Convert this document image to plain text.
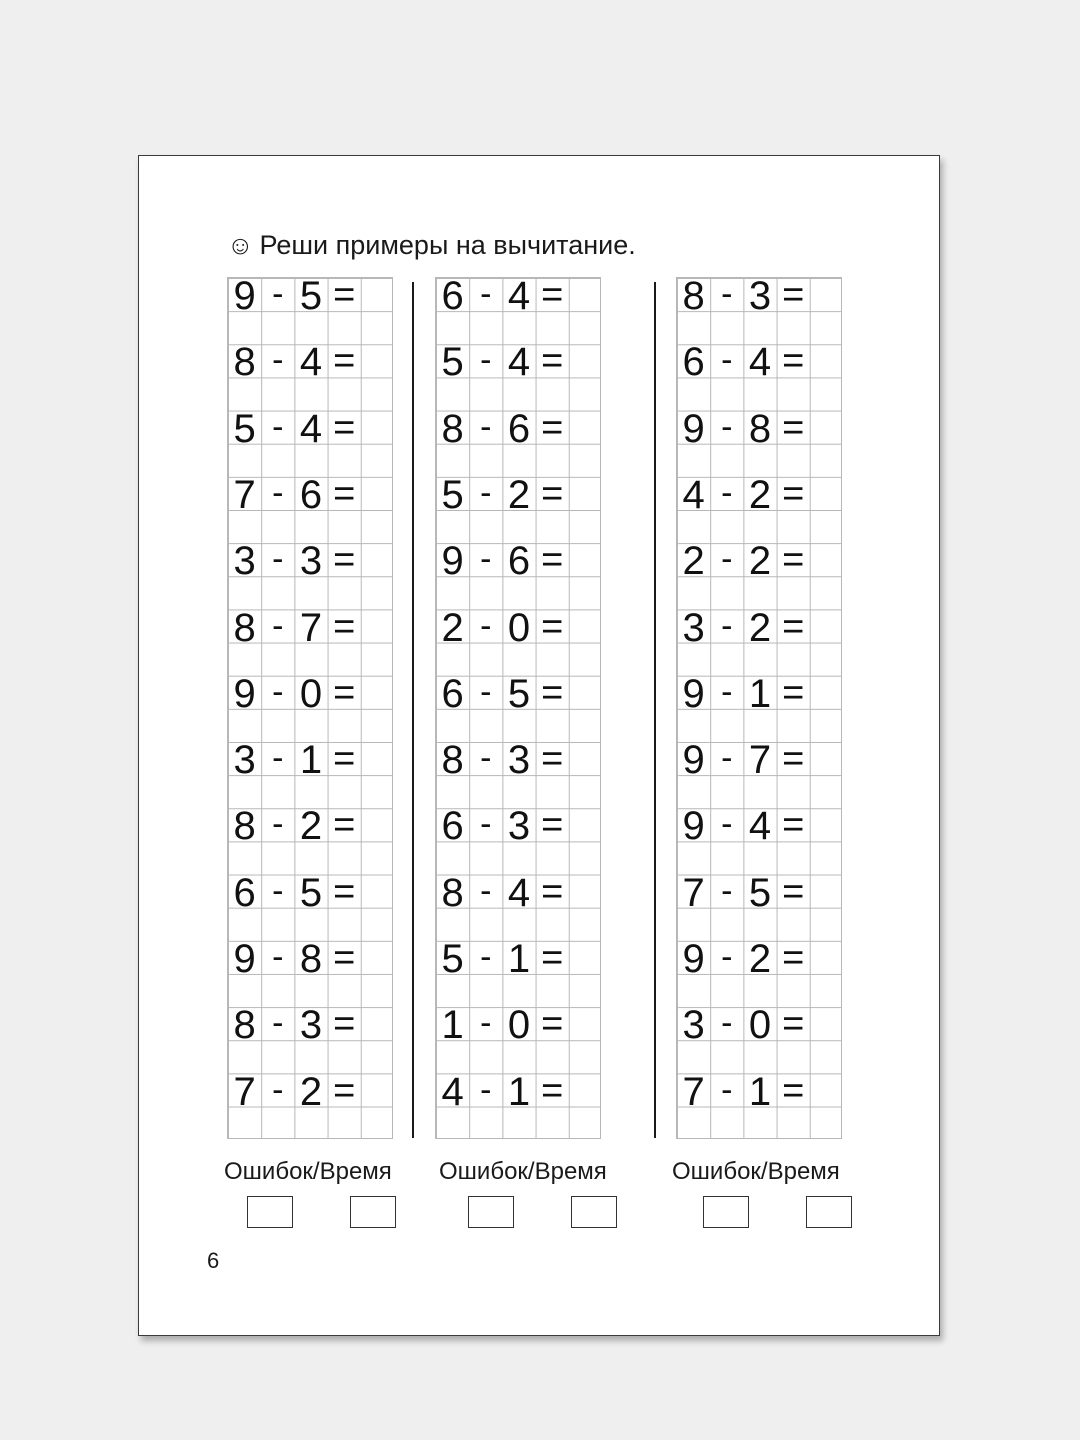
☺ Реши примеры на вычитание.
9 - 5 =
8 - 4 =
5 - 4 =
7 - 6 =
3 - 3 =
8 - 7 =
9 - 0 =
3 - 1 =
8 - 2 =
6 - 5 =
9 - 8 =
8 - 3 =
7 - 2 =
6 - 4 =
5 - 4 =
8 - 6 =
5 - 2 =
9 - 6 =
2 - 0 =
6 - 5 =
8 - 3 =
6 - 3 =
8 - 4 =
5 - 1 =
1 - 0 =
4 - 1 =
8 - 3 =
6 - 4 =
9 - 8 =
4 - 2 =
2 - 2 =
3 - 2 =
9 - 1 =
9 - 7 =
9 - 4 =
7 - 5 =
9 - 2 =
3 - 0 =
7 - 1 =
Ошибок/Время Ошибок/Время	Ошибок/Время
6
